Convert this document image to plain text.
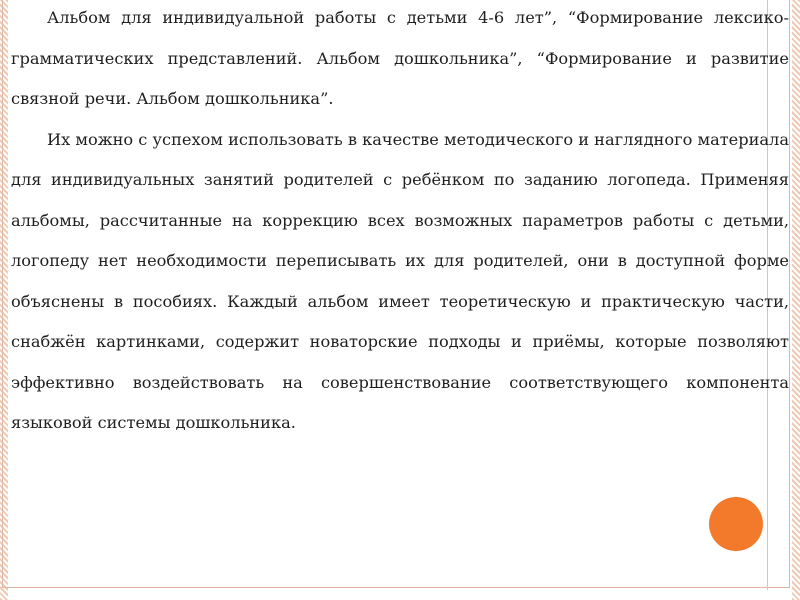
Альбом для индивидуальной работы с детьми 4-6 лет”, “Формирование лексико-грамматических представлений. Альбом дошкольника”, “Формирование и развитие связной речи. Альбом дошкольника”.

Их можно с успехом использовать в качестве методического и наглядного материала для индивидуальных занятий родителей с ребёнком по заданию логопеда. Применяя альбомы, рассчитанные на коррекцию всех возможных параметров работы с детьми, логопеду нет необходимости переписывать их для родителей, они в доступной форме объяснены в пособиях. Каждый альбом имеет теоретическую и практическую части, снабжён картинками, содержит новаторские подходы и приёмы, которые позволяют эффективно воздействовать на совершенствование соответствующего компонента языковой системы дошкольника.
